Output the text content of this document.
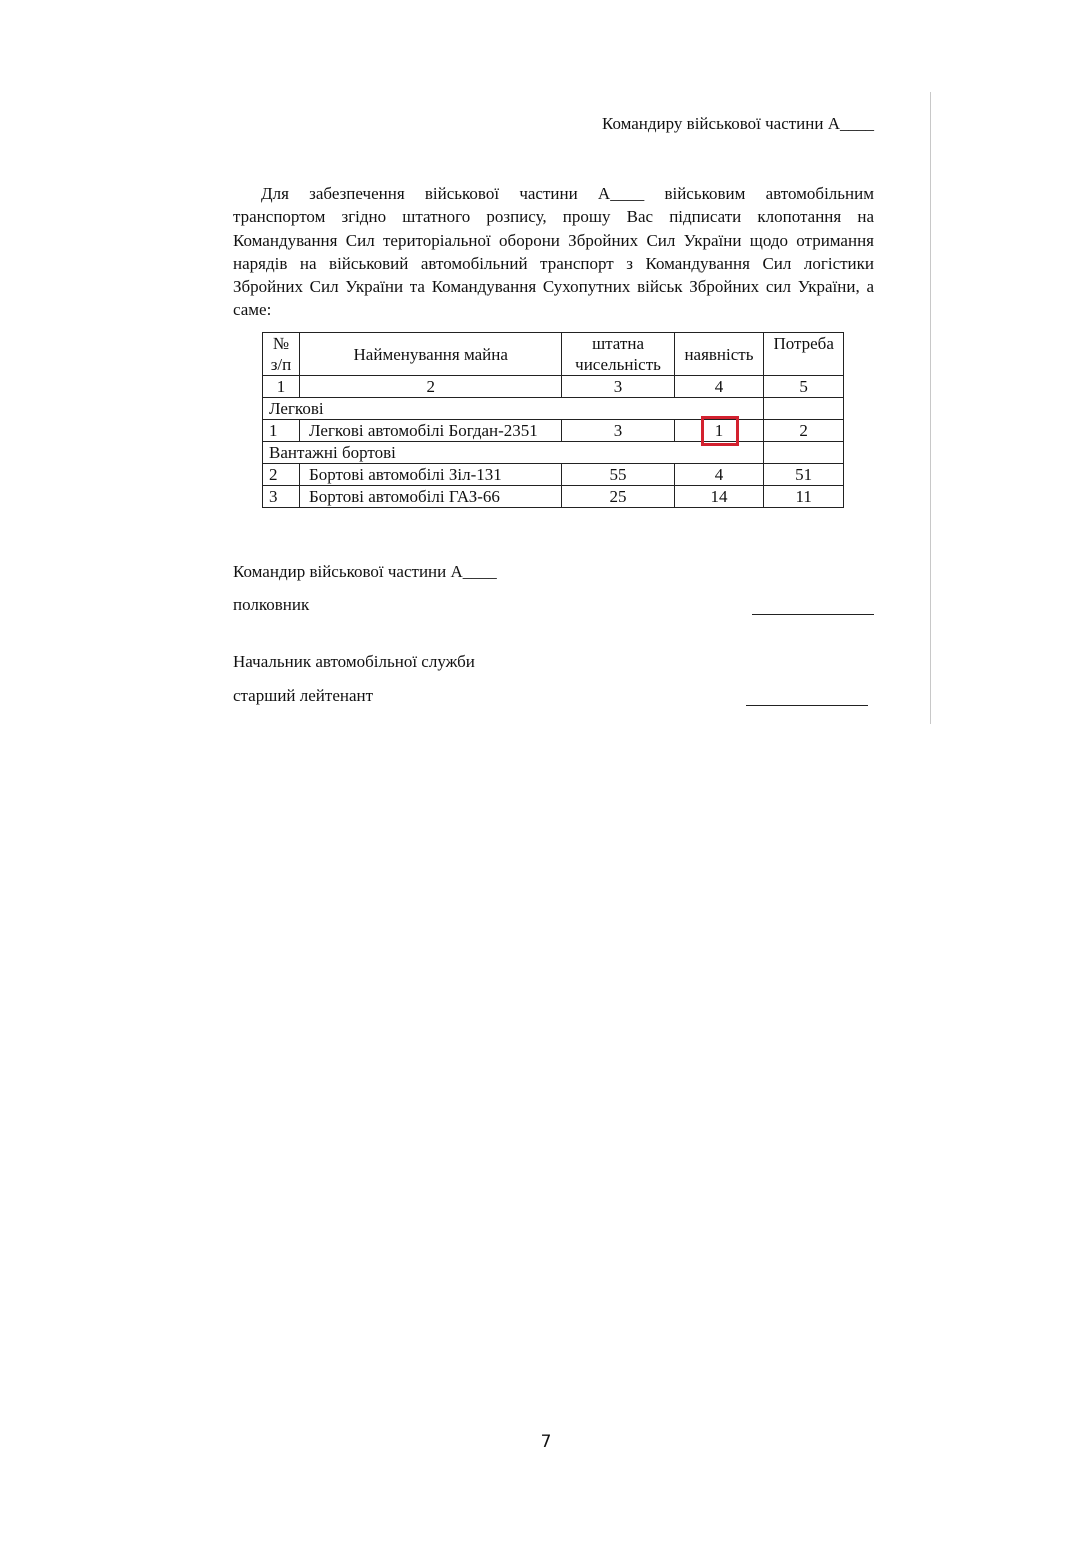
Командиру військової частини А____

Для забезпечення військової частини А____ військовим автомобільним транспортом згідно штатного розпису, прошу Вас підписати клопотання на Командування Сил територіальної оборони Збройних Сил України щодо отримання нарядів на військовий автомобільний транспорт з Командування Сил логістики Збройних Сил України та Командування Сухопутних військ Збройних сил України, а саме:

№ з/п	Найменування майна	штатна чисельність	наявність	Потреба
1	2	3	4	5
Легкові				
1	Легкові автомобілі Богдан-2351	3	1	2
Вантажні бортові				
2	Бортові автомобілі Зіл-131	55	4	51
3	Бортові автомобілі ГАЗ-66	25	14	11
Командир військової частини А____
полковник
Начальник автомобільної служби
старший лейтенант
7
